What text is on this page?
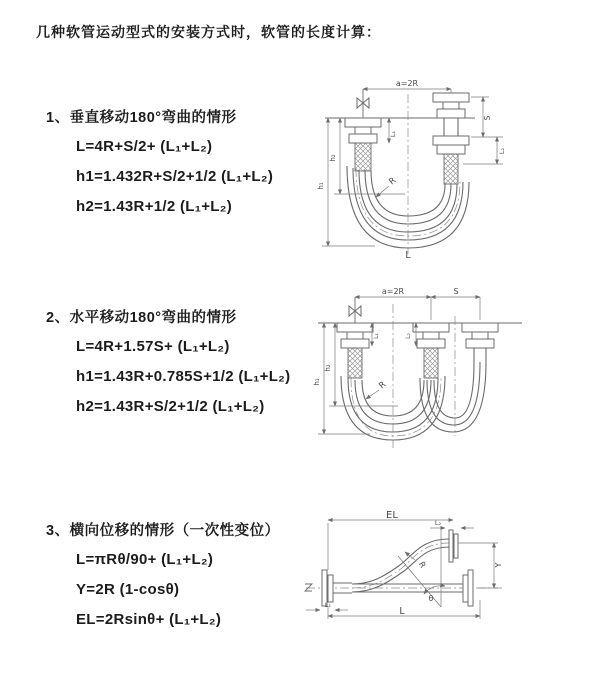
几种软管运动型式的安装方式时，软管的长度计算：
1、垂直移动180°弯曲的情形
L=4R+S/2+ (L₁+L₂)
h1=1.432R+S/2+1/2 (L₁+L₂)
h2=1.43R+1/2 (L₁+L₂)
2、水平移动180°弯曲的情形
L=4R+1.57S+ (L₁+L₂)
h1=1.43R+0.785S+1/2 (L₁+L₂)
h2=1.43R+S/2+1/2 (L₁+L₂)
3、横向位移的情形（一次性变位）
L=πRθ/90+ (L₁+L₂)
Y=2R (1-cosθ)
EL=2Rsinθ+ (L₁+L₂)
a=2R
L₁
h₂
h₁
S
L₂
R
L
a=2R	S
h₂
h₁
L₁	L₂
R
EL
L₂
θ
R	Y
L₁
L
